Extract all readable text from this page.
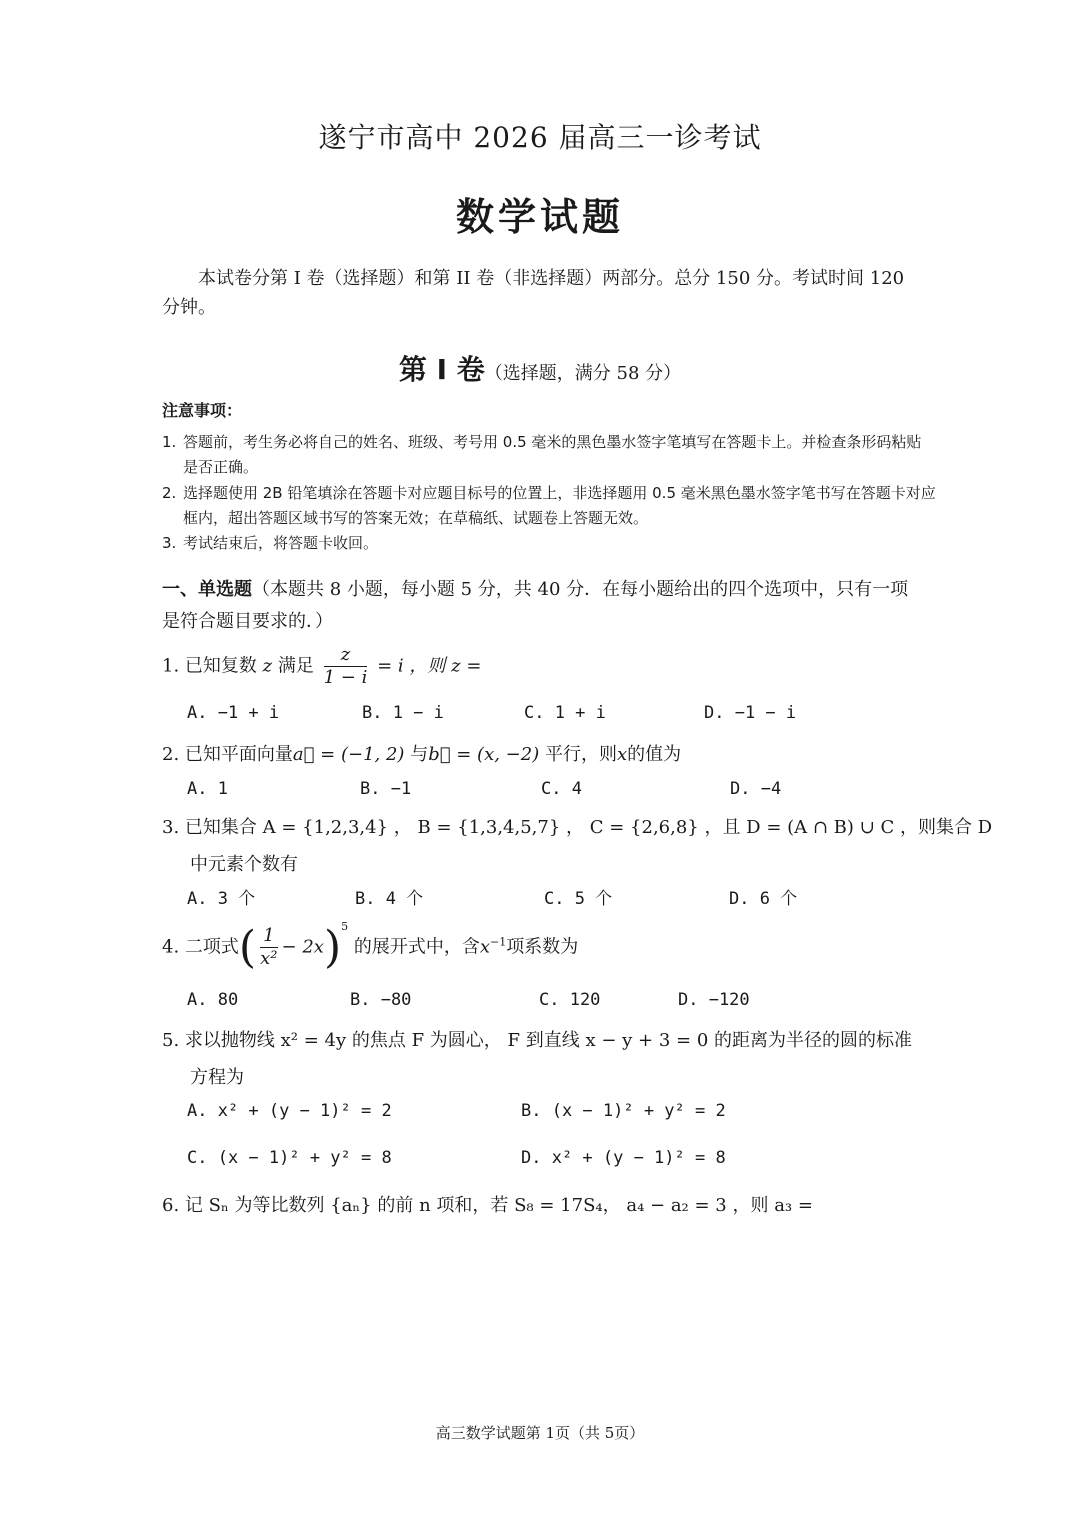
遂宁市高中 2026 届高三一诊考试
数学试题
本试卷分第 I 卷（选择题）和第 II 卷（非选择题）两部分。总分 150 分。考试时间 120 分钟。
第 Ⅰ 卷（选择题，满分 58 分）
注意事项：
1. 答题前，考生务必将自己的姓名、班级、考号用 0.5 毫米的黑色墨水签字笔填写在答题卡上。并检查条形码粘贴
是否正确。
2. 选择题使用 2B 铅笔填涂在答题卡对应题目标号的位置上，非选择题用 0.5 毫米黑色墨水签字笔书写在答题卡对应
框内，超出答题区域书写的答案无效；在草稿纸、试题卷上答题无效。
3. 考试结束后，将答题卡收回。
一、单选题（本题共 8 小题，每小题 5 分，共 40 分．在每小题给出的四个选项中，只有一项是符合题目要求的．）
1. 已知复数 z 满足 $\frac{z}{1 - i} = i$ ，则 z =
A. −1 + i	B. 1 − i	C. 1 + i	D. −1 − i
2. 已知平面向量a⃗ = (−1, 2) 与b⃗ = (x, −2) 平行，则x的值为
A. 1	B. −1	C. 4	D. −4
3. 已知集合 A = {1,2,3,4} ， B = {1,3,4,5,7} ， C = {2,6,8} ，且 D = (A ∩ B) ∪ C ，则集合 D
中元素个数有
A. 3 个	B. 4 个	C. 5 个	D. 6 个
4. 二项式( $\frac{1}{\text{x²}} - 2x)^5$ 的展开式中，含$x^{-1}$项系数为
A. 80	B. −80	C. 120	D. −120
5. 求以抛物线 x² = 4y 的焦点 F 为圆心， F 到直线 x − y + 3 = 0 的距离为半径的圆的标准
方程为
A. x² + (y − 1)² = 2	B. (x − 1)² + y² = 2
C. (x − 1)² + y² = 8	D. x² + (y − 1)² = 8
6. 记 Sₙ 为等比数列 {aₙ} 的前 n 项和，若 S₈ = 17S₄， a₄ − a₂ = 3 ，则 a₃ =
高三数学试题第 1页（共 5页）
